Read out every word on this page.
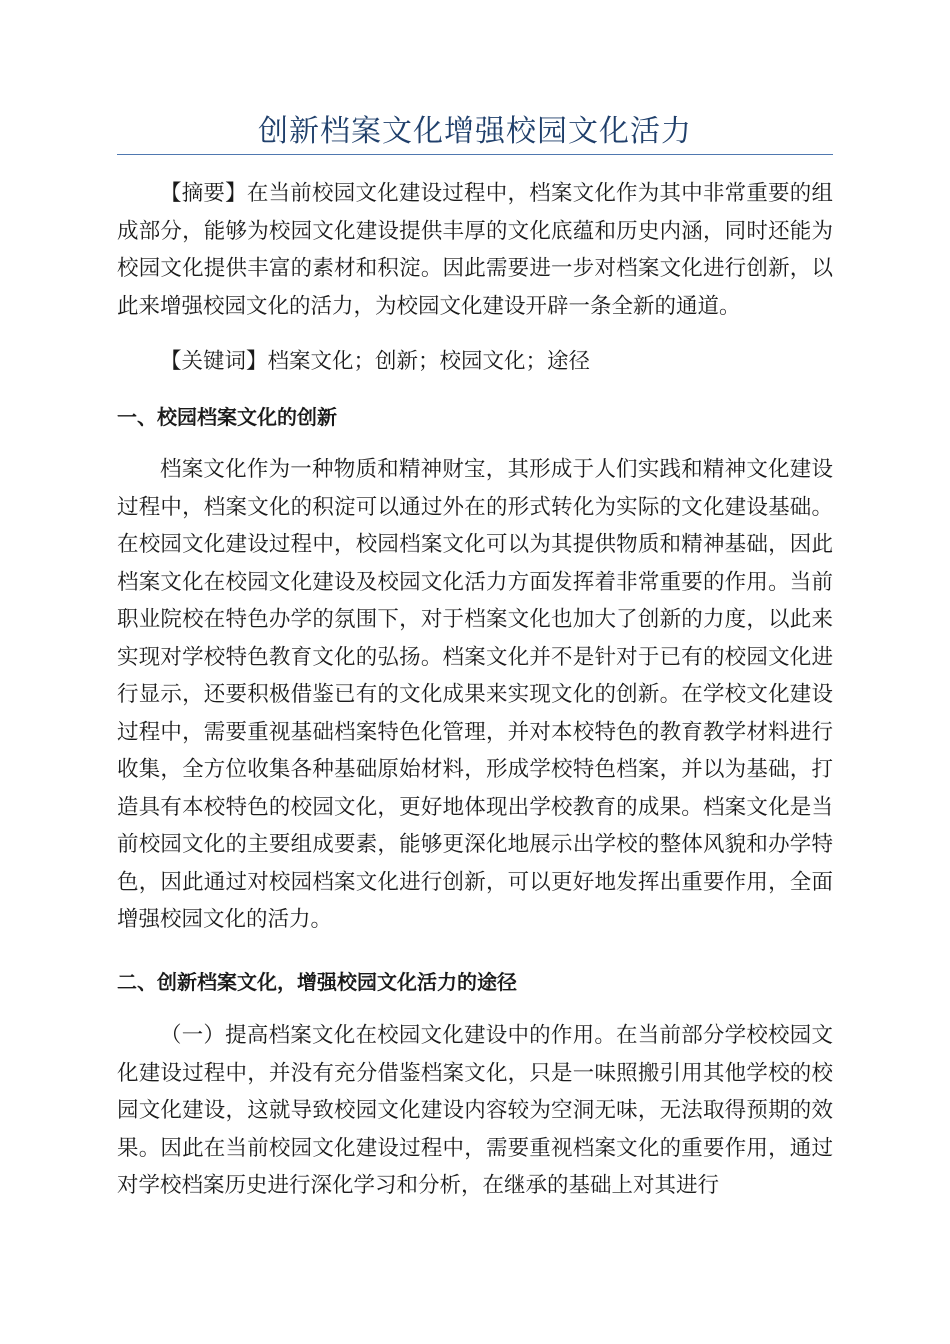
创新档案文化增强校园文化活力

【摘要】在当前校园文化建设过程中，档案文化作为其中非常重要的组成部分，能够为校园文化建设提供丰厚的文化底蕴和历史内涵，同时还能为校园文化提供丰富的素材和积淀。因此需要进一步对档案文化进行创新，以此来增强校园文化的活力，为校园文化建设开辟一条全新的通道。

【关键词】档案文化；创新；校园文化；途径

一、校园档案文化的创新

档案文化作为一种物质和精神财宝，其形成于人们实践和精神文化建设过程中，档案文化的积淀可以通过外在的形式转化为实际的文化建设基础。在校园文化建设过程中，校园档案文化可以为其提供物质和精神基础，因此档案文化在校园文化建设及校园文化活力方面发挥着非常重要的作用。当前职业院校在特色办学的氛围下，对于档案文化也加大了创新的力度，以此来实现对学校特色教育文化的弘扬。档案文化并不是针对于已有的校园文化进行显示，还要积极借鉴已有的文化成果来实现文化的创新。在学校文化建设过程中，需要重视基础档案特色化管理，并对本校特色的教育教学材料进行收集，全方位收集各种基础原始材料，形成学校特色档案，并以为基础，打造具有本校特色的校园文化，更好地体现出学校教育的成果。档案文化是当前校园文化的主要组成要素，能够更深化地展示出学校的整体风貌和办学特色，因此通过对校园档案文化进行创新，可以更好地发挥出重要作用，全面增强校园文化的活力。

二、创新档案文化，增强校园文化活力的途径

（一）提高档案文化在校园文化建设中的作用。在当前部分学校校园文化建设过程中，并没有充分借鉴档案文化，只是一味照搬引用其他学校的校园文化建设，这就导致校园文化建设内容较为空洞无味，无法取得预期的效果。因此在当前校园文化建设过程中，需要重视档案文化的重要作用，通过对学校档案历史进行深化学习和分析，在继承的基础上对其进行
